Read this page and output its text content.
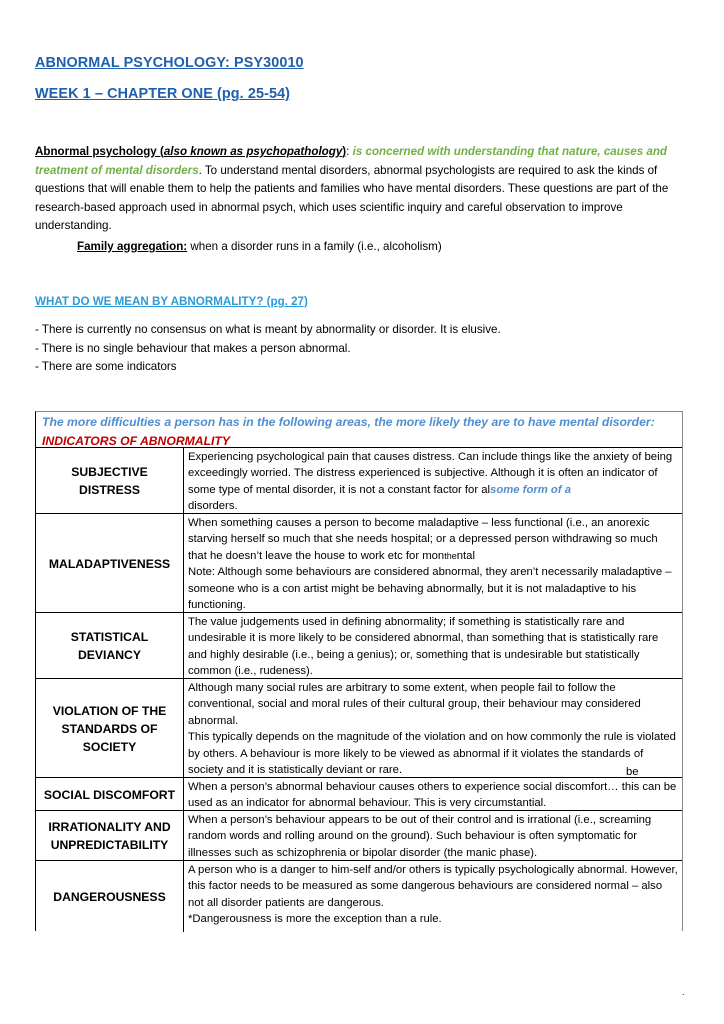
ABNORMAL PSYCHOLOGY: PSY30010
WEEK 1 – CHAPTER ONE (pg. 25-54)
Abnormal psychology (also known as psychopathology): is concerned with understanding that nature, causes and treatment of mental disorders. To understand mental disorders, abnormal psychologists are required to ask the kinds of questions that will enable them to help the patients and families who have mental disorders. These questions are part of the research-based approach used in abnormal psych, which uses scientific inquiry and careful observation to improve understanding.
Family aggregation: when a disorder runs in a family (i.e., alcoholism)
WHAT DO WE MEAN BY ABNORMALITY? (pg. 27)
- There is currently no consensus on what is meant by abnormality or disorder. It is elusive.
- There is no single behaviour that makes a person abnormal.
- There are some indicators
The more difficulties a person has in the following areas, the more likely they are to have mental disorder: INDICATORS OF ABNORMALITY
SUBJECTIVE DISTRESS
Experiencing psychological pain that causes distress. Can include things like the anxiety of being exceedingly worried. The distress experienced is subjective. Although it is often an indicator of some type of mental disorder, it is not a constant factor for alsome form of a
disorders.
MALADAPTIVENESS
When something causes a person to become maladaptive – less functional (i.e., an anorexic starving herself so much that she needs hospital; or a depressed person withdrawing so much that he doesn’t leave the house to work etc for monthental
Note: Although some behaviours are considered abnormal, they aren’t necessarily maladaptive – someone who is a con artist might be behaving abnormally, but it is not maladaptive to his functioning.
STATISTICAL DEVIANCY
The value judgements used in defining abnormality; if something is statistically rare and undesirable it is more likely to be considered abnormal, than something that is statistically rare and highly desirable (i.e., being a genius); or, something that is undesirable but statistically common (i.e., rudeness).
VIOLATION OF THE STANDARDS OF SOCIETY
Although many social rules are arbitrary to some extent, when people fail to follow the conventional, social and moral rules of their cultural group, their behaviour may considered abnormal.
This typically depends on the magnitude of the violation and on how commonly the rule is violated by others. A behaviour is more likely to be viewed as abnormal if it violates the standards of society and it is statistically deviant or rare.	be
SOCIAL DISCOMFORT
When a person’s abnormal behaviour causes others to experience social discomfort… this can be used as an indicator for abnormal behaviour. This is very circumstantial.
IRRATIONALITY AND UNPREDICTABILITY
When a person’s behaviour appears to be out of their control and is irrational (i.e., screaming random words and rolling around on the ground). Such behaviour is often symptomatic for illnesses such as schizophrenia or bipolar disorder (the manic phase).
DANGEROUSNESS
A person who is a danger to him-self and/or others is typically psychologically abnormal. However, this factor needs to be measured as some dangerous behaviours are considered normal – also not all disorder patients are dangerous.
*Dangerousness is more the exception than a rule.
.
